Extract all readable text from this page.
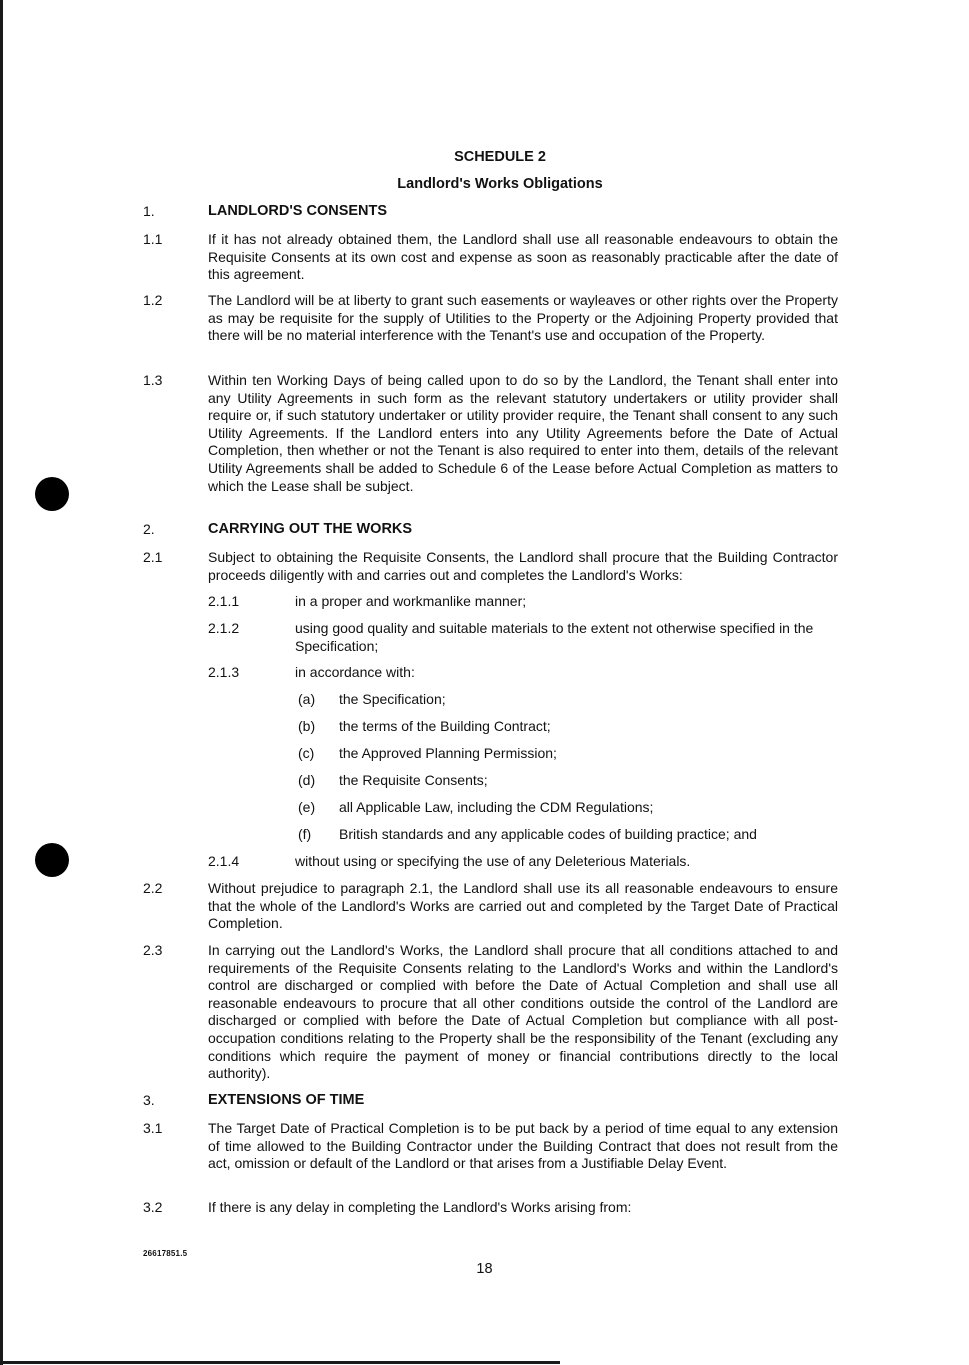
SCHEDULE 2
Landlord's Works Obligations
1.	LANDLORD'S CONSENTS
1.1	If it has not already obtained them, the Landlord shall use all reasonable endeavours to obtain the Requisite Consents at its own cost and expense as soon as reasonably practicable after the date of this agreement.
1.2	The Landlord will be at liberty to grant such easements or wayleaves or other rights over the Property as may be requisite for the supply of Utilities to the Property or the Adjoining Property provided that there will be no material interference with the Tenant's use and occupation of the Property.
1.3	Within ten Working Days of being called upon to do so by the Landlord, the Tenant shall enter into any Utility Agreements in such form as the relevant statutory undertakers or utility provider shall require or, if such statutory undertaker or utility provider require, the Tenant shall consent to any such Utility Agreements. If the Landlord enters into any Utility Agreements before the Date of Actual Completion, then whether or not the Tenant is also required to enter into them, details of the relevant Utility Agreements shall be added to Schedule 6 of the Lease before Actual Completion as matters to which the Lease shall be subject.
2.	CARRYING OUT THE WORKS
2.1	Subject to obtaining the Requisite Consents, the Landlord shall procure that the Building Contractor proceeds diligently with and carries out and completes the Landlord's Works:
2.1.1	in a proper and workmanlike manner;
2.1.2	using good quality and suitable materials to the extent not otherwise specified in the Specification;
2.1.3	in accordance with:
(a) the Specification;
(b) the terms of the Building Contract;
(c) the Approved Planning Permission;
(d) the Requisite Consents;
(e) all Applicable Law, including the CDM Regulations;
(f) British standards and any applicable codes of building practice; and
2.1.4	without using or specifying the use of any Deleterious Materials.
2.2	Without prejudice to paragraph 2.1, the Landlord shall use its all reasonable endeavours to ensure that the whole of the Landlord's Works are carried out and completed by the Target Date of Practical Completion.
2.3	In carrying out the Landlord's Works, the Landlord shall procure that all conditions attached to and requirements of the Requisite Consents relating to the Landlord's Works and within the Landlord's control are discharged or complied with before the Date of Actual Completion and shall use all reasonable endeavours to procure that all other conditions outside the control of the Landlord are discharged or complied with before the Date of Actual Completion but compliance with all post-occupation conditions relating to the Property shall be the responsibility of the Tenant (excluding any conditions which require the payment of money or financial contributions directly to the local authority).
3.	EXTENSIONS OF TIME
3.1	The Target Date of Practical Completion is to be put back by a period of time equal to any extension of time allowed to the Building Contractor under the Building Contract that does not result from the act, omission or default of the Landlord or that arises from a Justifiable Delay Event.
3.2	If there is any delay in completing the Landlord's Works arising from:
26617851.5
18
